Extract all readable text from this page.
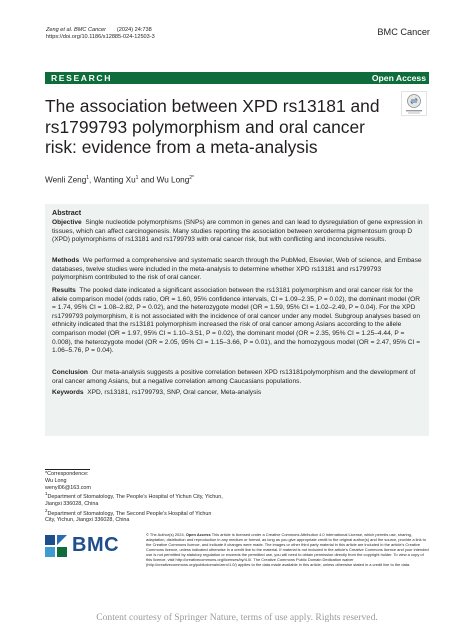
Zeng et al. BMC Cancer (2024) 24:738
https://doi.org/10.1186/s12885-024-12503-3
BMC Cancer
RESEARCH	Open Access
The association between XPD rs13181 and rs1799793 polymorphism and oral cancer risk: evidence from a meta-analysis
Wenli Zeng$^1$, Wanting Xu$^1$ and Wu Long$^{2*}$
Abstract
Objective Single nucleotide polymorphisms (SNPs) are common in genes and can lead to dysregulation of gene expression in tissues, which can affect carcinogenesis. Many studies reporting the association between xeroderma pigmentosum group D (XPD) polymorphisms of rs13181 and rs1799793 with oral cancer risk, but with conflicting and inconclusive results.
Methods We performed a comprehensive and systematic search through the PubMed, Elsevier, Web of science, and Embase databases, twelve studies were included in the meta-analysis to determine whether XPD rs13181 and rs1799793 polymorphism contributed to the risk of oral cancer.
Results The pooled date indicated a significant association between the rs13181 polymorphism and oral cancer risk for the allele comparison model (odds ratio, OR = 1.60, 95% confidence intervals, CI = 1.09–2.35, P = 0.02), the dominant model (OR = 1.74, 95% CI = 1.08–2.82, P = 0.02), and the heterozygote model (OR = 1.59, 95% CI = 1.02–2.49, P = 0.04). For the XPD rs1799793 polymorphism, it is not associated with the incidence of oral cancer under any model. Subgroup analyses based on ethnicity indicated that the rs13181 polymorphism increased the risk of oral cancer among Asians according to the allele comparison model (OR = 1.97, 95% CI = 1.10–3.51, P = 0.02), the dominant model (OR = 2.35, 95% CI = 1.25–4.44, P = 0.008), the heterozygote model (OR = 2.05, 95% CI = 1.15–3.66, P = 0.01), and the homozygous model (OR = 2.47, 95% CI = 1.06–5.76, P = 0.04).
Conclusion Our meta-analysis suggests a positive correlation between XPD rs13181polymorphism and the development of oral cancer among Asians, but a negative correlation among Caucasians populations.
Keywords XPD, rs13181, rs1799793, SNP, Oral cancer, Meta-analysis
*Correspondence:
Wu Long
wenyl06@163.com
$^1$Department of Stomatology, The People’s Hospital of Yichun City, Yichun,
Jiangxi 336028, China
$^2$Department of Stomatology, The Second People’s Hospital of Yichun
City, Yichun, Jiangxi 336028, China
BMC	© The Author(s) 2024. Open Access This article is licensed under a Creative Commons Attribution 4.0 International License, which permits use, sharing, adaptation, distribution and reproduction in any medium or format, as long as you give appropriate credit to the original author(s) and the source, provide a link to the Creative Commons licence, and indicate if changes were made. The images or other third party material in this article are included in the article’s Creative Commons licence, unless indicated otherwise in a credit line to the material. If material is not included in the article’s Creative Commons licence and your intended use is not permitted by statutory regulation or exceeds the permitted use, you will need to obtain permission directly from the copyright holder. To view a copy of this licence, visit http://creativecommons.org/licenses/by/4.0/. The Creative Commons Public Domain Dedication waiver (http://creativecommons.org/publicdomain/zero/1.0/) applies to the data made available in this article, unless otherwise stated in a credit line to the data.
Content courtesy of Springer Nature, terms of use apply. Rights reserved.
